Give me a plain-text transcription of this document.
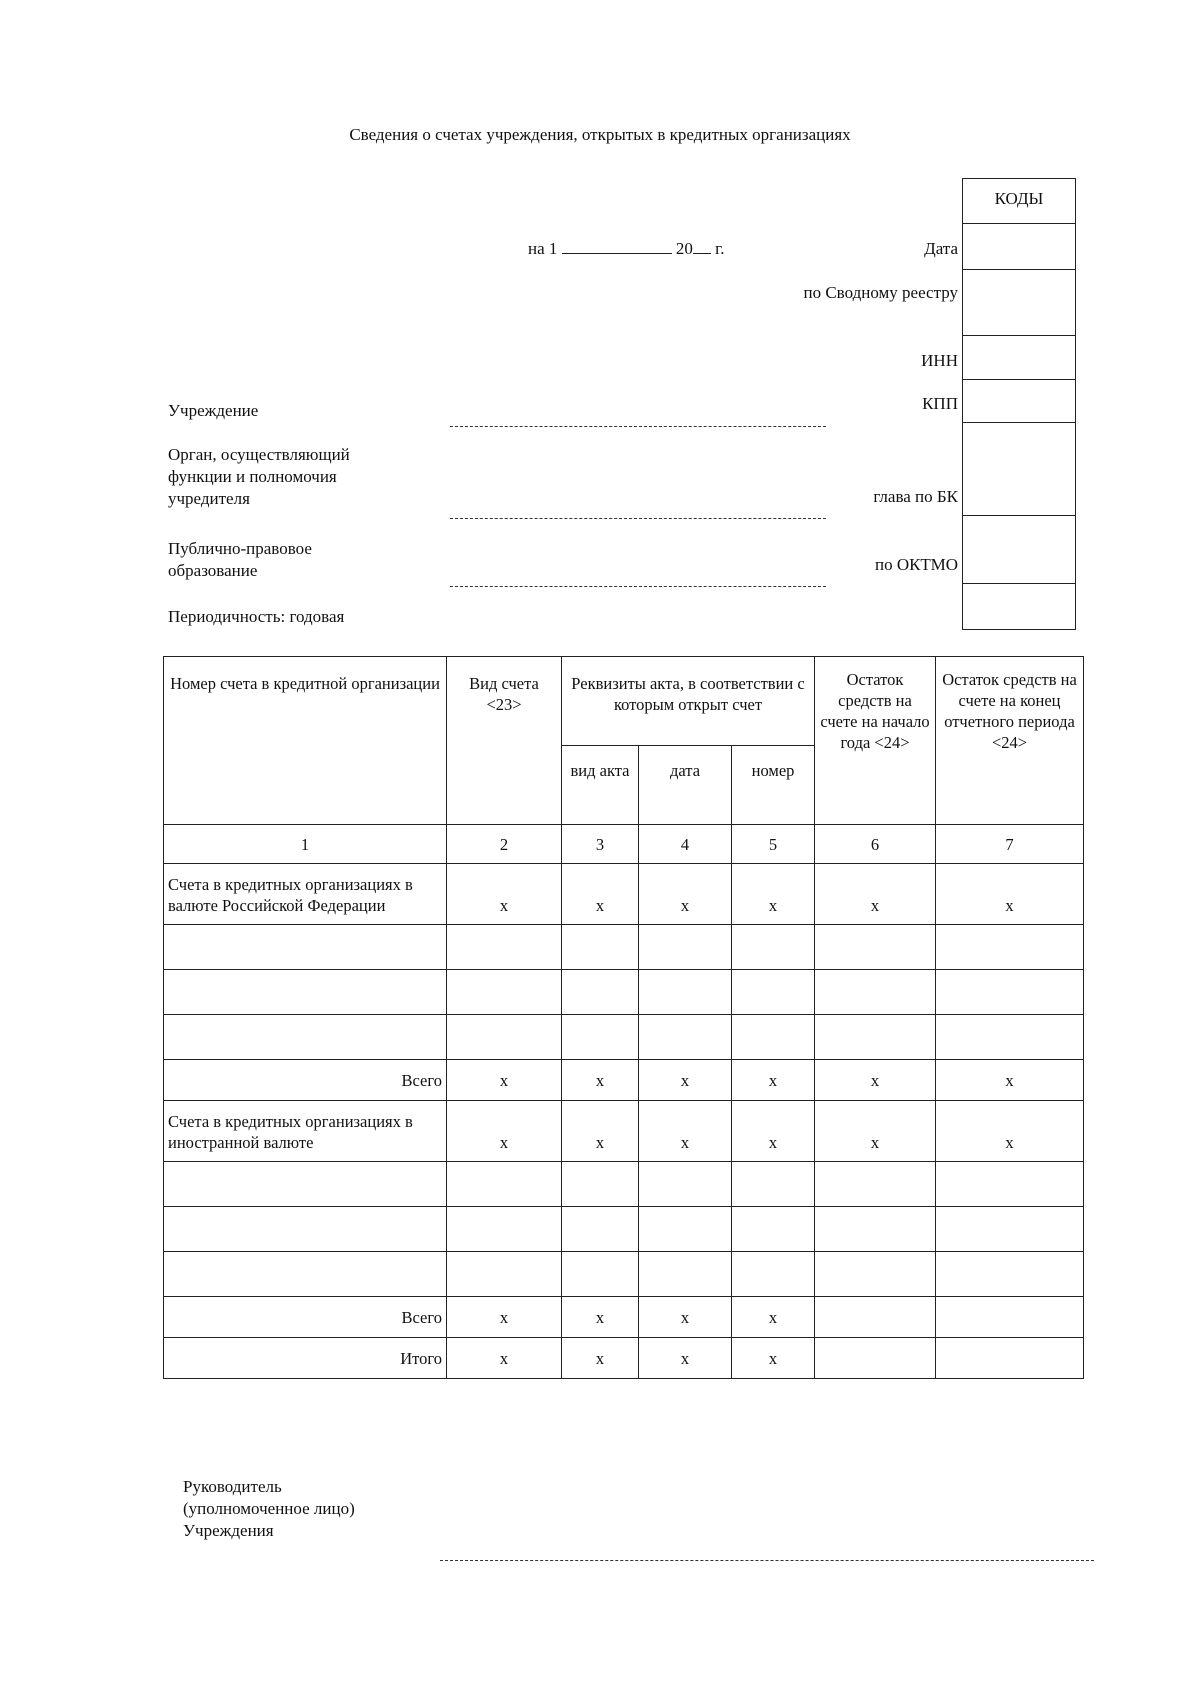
Сведения о счетах учреждения, открытых в кредитных организациях
на 1	20 г.
КОДЫ
Дата
по Сводному реестру
ИНН
КПП
глава по БК
по ОКТМО
Учреждение
Орган, осуществляющий функции и полномочия учредителя
Публично-правовое образование
Периодичность: годовая
Номер счета в кредитной организации	Вид счета <23>	Реквизиты акта, в соответствии с которым открыт счет			Остаток средств на счете на начало года <24>	Остаток средств на счете на конец отчетного периода <24>
		вид акта	дата	номер		
1	2	3	4	5	6	7
Счета в кредитных организациях в валюте Российской Федерации	x	x	x	x	x	x

Всего	x	x	x	x	x	x
Счета в кредитных организациях в иностранной валюте	x	x	x	x	x	x

Всего	x	x	x	x		
Итого	x	x	x	x		
Руководитель
(уполномоченное лицо)
Учреждения
